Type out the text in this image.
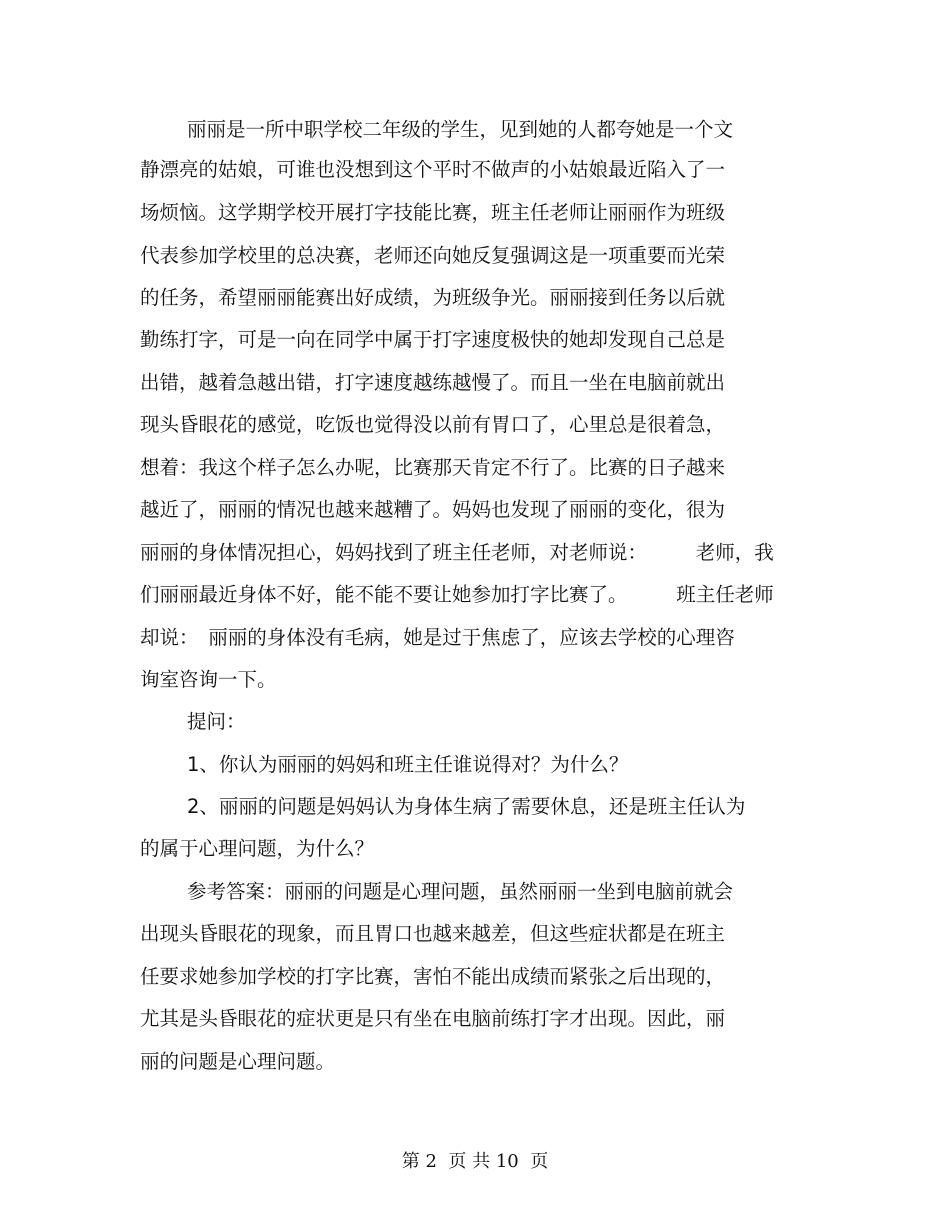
丽丽是一所中职学校二年级的学生，见到她的人都夸她是一个文

静漂亮的姑娘，可谁也没想到这个平时不做声的小姑娘最近陷入了一

场烦恼。这学期学校开展打字技能比赛，班主任老师让丽丽作为班级

代表参加学校里的总决赛，老师还向她反复强调这是一项重要而光荣

的任务，希望丽丽能赛出好成绩，为班级争光。丽丽接到任务以后就

勤练打字，可是一向在同学中属于打字速度极快的她却发现自己总是

出错，越着急越出错，打字速度越练越慢了。而且一坐在电脑前就出

现头昏眼花的感觉，吃饭也觉得没以前有胃口了，心里总是很着急，

想着：我这个样子怎么办呢，比赛那天肯定不行了。比赛的日子越来

越近了，丽丽的情况也越来越糟了。妈妈也发现了丽丽的变化，很为

丽丽的身体情况担心，妈妈找到了班主任老师，对老师说：　　　老师，我

们丽丽最近身体不好，能不能不要让她参加打字比赛了。　　　班主任老师

却说：　丽丽的身体没有毛病，她是过于焦虑了，应该去学校的心理咨

询室咨询一下。

提问：

1、你认为丽丽的妈妈和班主任谁说得对？为什么？

2、丽丽的问题是妈妈认为身体生病了需要休息，还是班主任认为

的属于心理问题，为什么？

参考答案：丽丽的问题是心理问题，虽然丽丽一坐到电脑前就会

出现头昏眼花的现象，而且胃口也越来越差，但这些症状都是在班主

任要求她参加学校的打字比赛，害怕不能出成绩而紧张之后出现的，

尤其是头昏眼花的症状更是只有坐在电脑前练打字才出现。因此，丽

丽的问题是心理问题。

第 2  页 共 10  页
